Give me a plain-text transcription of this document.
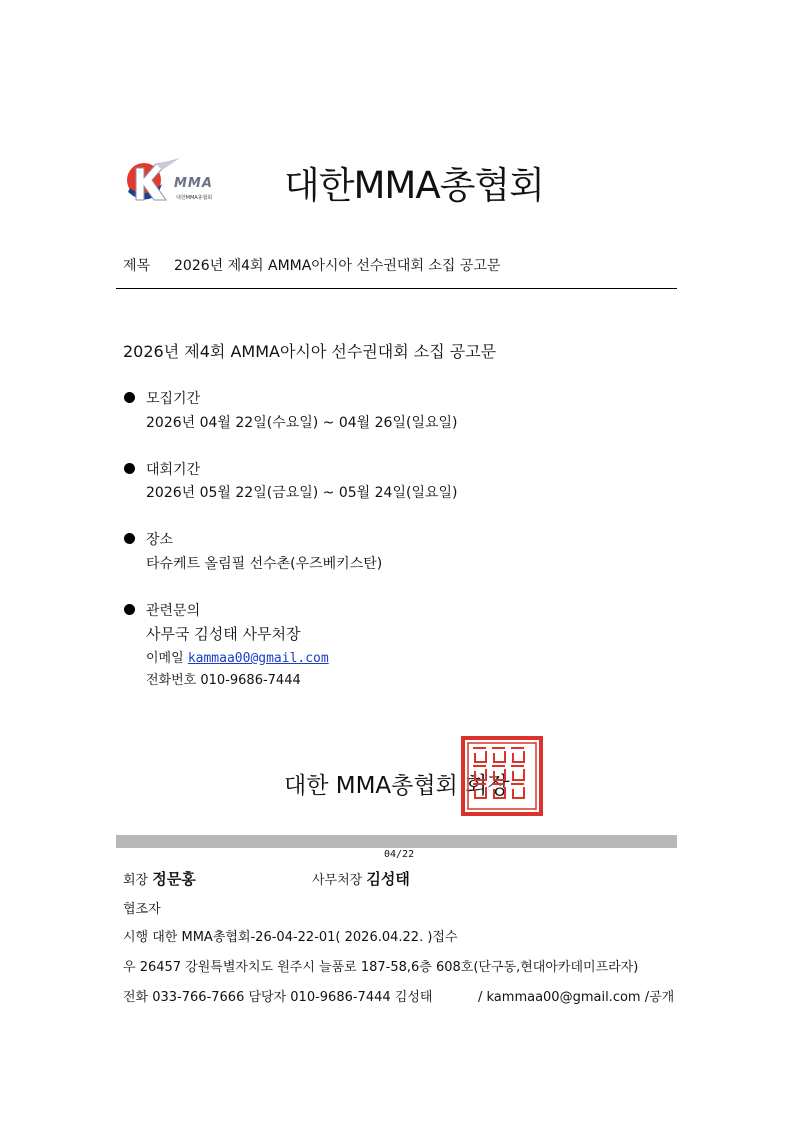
MMA
대한MMA총협회 대한MMA총협회
제목 2026년 제4회 AMMA아시아 선수권대회 소집 공고문
2026년 제4회 AMMA아시아 선수권대회 소집 공고문
모집기간
2026년 04월 22일(수요일) ~ 04월 26일(일요일)
대회기간
2026년 05월 22일(금요일) ~ 05월 24일(일요일)
장소
타슈케트 올림필 선수촌(우즈베키스탄)
관련문의
사무국 김성태 사무처장
이메일 kammaa00@gmail.com
전화번호 010-9686-7444
대한 MMA총협회 회장
04/22
회장 정문홍	사무처장 김성태
협조자
시행 대한 MMA총협회-26-04-22-01( 2026.04.22. )접수
우 26457 강원특별자치도 원주시 늘품로 187-58,6층 608호(단구동,현대아카데미프라자)
전화 033-766-7666 담당자 010-9686-7444 김성태	/ kammaa00@gmail.com /공개
